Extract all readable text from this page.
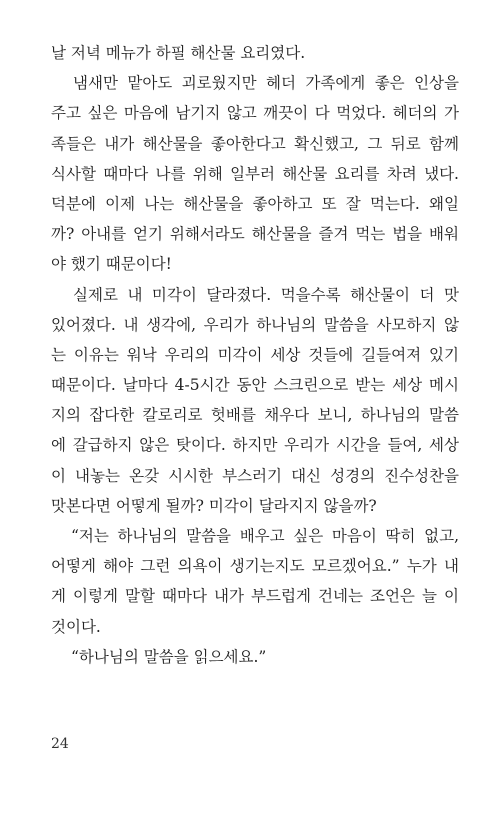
날 저녁 메뉴가 하필 해산물 요리였다.
냄새만 맡아도 괴로웠지만 헤더 가족에게 좋은 인상을
주고 싶은 마음에 남기지 않고 깨끗이 다 먹었다. 헤더의 가
족들은 내가 해산물을 좋아한다고 확신했고, 그 뒤로 함께
식사할 때마다 나를 위해 일부러 해산물 요리를 차려 냈다.
덕분에 이제 나는 해산물을 좋아하고 또 잘 먹는다. 왜일
까? 아내를 얻기 위해서라도 해산물을 즐겨 먹는 법을 배워
야 했기 때문이다!
실제로 내 미각이 달라졌다. 먹을수록 해산물이 더 맛
있어졌다. 내 생각에, 우리가 하나님의 말씀을 사모하지 않
는 이유는 워낙 우리의 미각이 세상 것들에 길들여져 있기
때문이다. 날마다 4-5시간 동안 스크린으로 받는 세상 메시
지의 잡다한 칼로리로 헛배를 채우다 보니, 하나님의 말씀
에 갈급하지 않은 탓이다. 하지만 우리가 시간을 들여, 세상
이 내놓는 온갖 시시한 부스러기 대신 성경의 진수성찬을
맛본다면 어떻게 될까? 미각이 달라지지 않을까?
“저는 하나님의 말씀을 배우고 싶은 마음이 딱히 없고,
어떻게 해야 그런 의욕이 생기는지도 모르겠어요.” 누가 내
게 이렇게 말할 때마다 내가 부드럽게 건네는 조언은 늘 이
것이다.
“하나님의 말씀을 읽으세요.”
24
